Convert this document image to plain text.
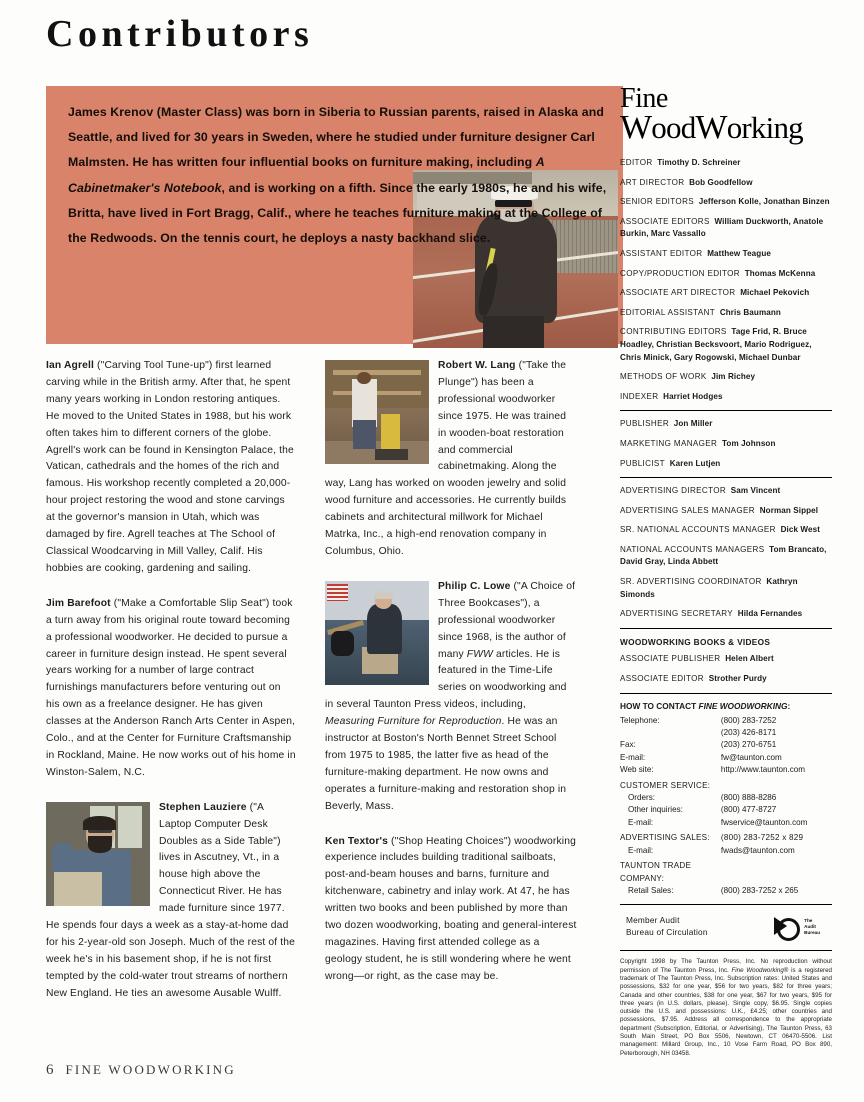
Contributors
James Krenov (Master Class) was born in Siberia to Russian parents, raised in Alaska and Seattle, and lived for 30 years in Sweden, where he studied under furniture designer Carl Malmsten. He has written four influential books on furniture making, including A Cabinetmaker's Notebook, and is working on a fifth. Since the early 1980s, he and his wife, Britta, have lived in Fort Bragg, Calif., where he teaches furniture making at the College of the Redwoods. On the tennis court, he deploys a nasty backhand slice.

Ian Agrell ("Carving Tool Tune-up") first learned carving while in the British army. After that, he spent many years working in London restoring antiques. He moved to the United States in 1988, but his work often takes him to different corners of the globe. Agrell's work can be found in Kensington Palace, the Vatican, cathedrals and the homes of the rich and famous. His workshop recently completed a 20,000-hour project restoring the wood and stone carvings at the governor's mansion in Utah, which was damaged by fire. Agrell teaches at The School of Classical Woodcarving in Mill Valley, Calif. His hobbies are cooking, gardening and sailing.

Jim Barefoot ("Make a Comfortable Slip Seat") took a turn away from his original route toward becoming a professional woodworker. He decided to pursue a career in furniture design instead. He spent several years working for a number of large contract furnishings manufacturers before venturing out on his own as a freelance designer. He has given classes at the Anderson Ranch Arts Center in Aspen, Colo., and at the Center for Furniture Craftsmanship in Rockland, Maine. He now works out of his home in Winston-Salem, N.C.

Stephen Lauziere ("A Laptop Computer Desk Doubles as a Side Table") lives in Ascutney, Vt., in a house high above the Connecticut River. He has made furniture since 1977. He spends four days a week as a stay-at-home dad for his 2-year-old son Joseph. Much of the rest of the week he's in his basement shop, if he is not first tempted by the cold-water trout streams of northern New England. He ties an awesome Ausable Wulff.

Robert W. Lang ("Take the Plunge") has been a professional woodworker since 1975. He was trained in wooden-boat restoration and commercial cabinetmaking. Along the way, Lang has worked on wooden jewelry and solid wood furniture and accessories. He currently builds cabinets and architectural millwork for Michael Matrka, Inc., a high-end renovation company in Columbus, Ohio.

Philip C. Lowe ("A Choice of Three Bookcases"), a professional woodworker since 1968, is the author of many FWW articles. He is featured in the Time-Life series on woodworking and in several Taunton Press videos, including, Measuring Furniture for Reproduction. He was an instructor at Boston's North Bennet Street School from 1975 to 1985, the latter five as head of the furniture-making department. He now owns and operates a furniture-making and restoration shop in Beverly, Mass.

Ken Textor's ("Shop Heating Choices") woodworking experience includes building traditional sailboats, post-and-beam houses and barns, furniture and kitchenware, cabinetry and inlay work. At 47, he has written two books and been published by more than two dozen woodworking, boating and general-interest magazines. Having first attended college as a geology student, he is still wondering where he went wrong—or right, as the case may be.

6 FINE WOODWORKING
Fine
WoodWorking
EDITOR Timothy D. Schreiner
ART DIRECTOR Bob Goodfellow
SENIOR EDITORS Jefferson Kolle, Jonathan Binzen
ASSOCIATE EDITORS William Duckworth, Anatole Burkin, Marc Vassallo
ASSISTANT EDITOR Matthew Teague
COPY/PRODUCTION EDITOR Thomas McKenna
ASSOCIATE ART DIRECTOR Michael Pekovich
EDITORIAL ASSISTANT Chris Baumann
CONTRIBUTING EDITORS Tage Frid, R. Bruce Hoadley, Christian Becksvoort, Mario Rodriguez, Chris Minick, Gary Rogowski, Michael Dunbar
METHODS OF WORK Jim Richey
INDEXER Harriet Hodges
PUBLISHER Jon Miller
MARKETING MANAGER Tom Johnson
PUBLICIST Karen Lutjen
ADVERTISING DIRECTOR Sam Vincent
ADVERTISING SALES MANAGER Norman Sippel
SR. NATIONAL ACCOUNTS MANAGER Dick West
NATIONAL ACCOUNTS MANAGERS Tom Brancato, David Gray, Linda Abbett
SR. ADVERTISING COORDINATOR Kathryn Simonds
ADVERTISING SECRETARY Hilda Fernandes
WOODWORKING BOOKS & VIDEOS
ASSOCIATE PUBLISHER Helen Albert
ASSOCIATE EDITOR Strother Purdy
HOW TO CONTACT FINE WOODWORKING:
Telephone:	(800) 283-7252
	(203) 426-8171
Fax:	(203) 270-6751
E-mail:	fw@taunton.com
Web site:	http://www.taunton.com
CUSTOMER SERVICE:	
Orders:	(800) 888-8286
Other inquiries:	(800) 477-8727
E-mail:	fwservice@taunton.com
ADVERTISING SALES:	(800) 283-7252 x 829
E-mail:	fwads@taunton.com
TAUNTON TRADE COMPANY:	
Retail Sales:	(800) 283-7252 x 265
Member Audit
Bureau of Circulation
The
Audit
Bureau
Copyright 1998 by The Taunton Press, Inc. No reproduction without permission of The Taunton Press, Inc. Fine Woodworking® is a registered trademark of The Taunton Press, Inc. Subscription rates: United States and possessions, $32 for one year, $56 for two years, $82 for three years; Canada and other countries, $38 for one year, $67 for two years, $95 for three years (in U.S. dollars, please). Single copy, $6.95. Single copies outside the U.S. and possessions: U.K., £4.25; other countries and possessions, $7.95. Address all correspondence to the appropriate department (Subscription, Editorial, or Advertising), The Taunton Press, 63 South Main Street, PO Box 5506, Newtown, CT 06470-5506. List management: Millard Group, Inc., 10 Vose Farm Road, PO Box 890, Peterborough, NH 03458.
